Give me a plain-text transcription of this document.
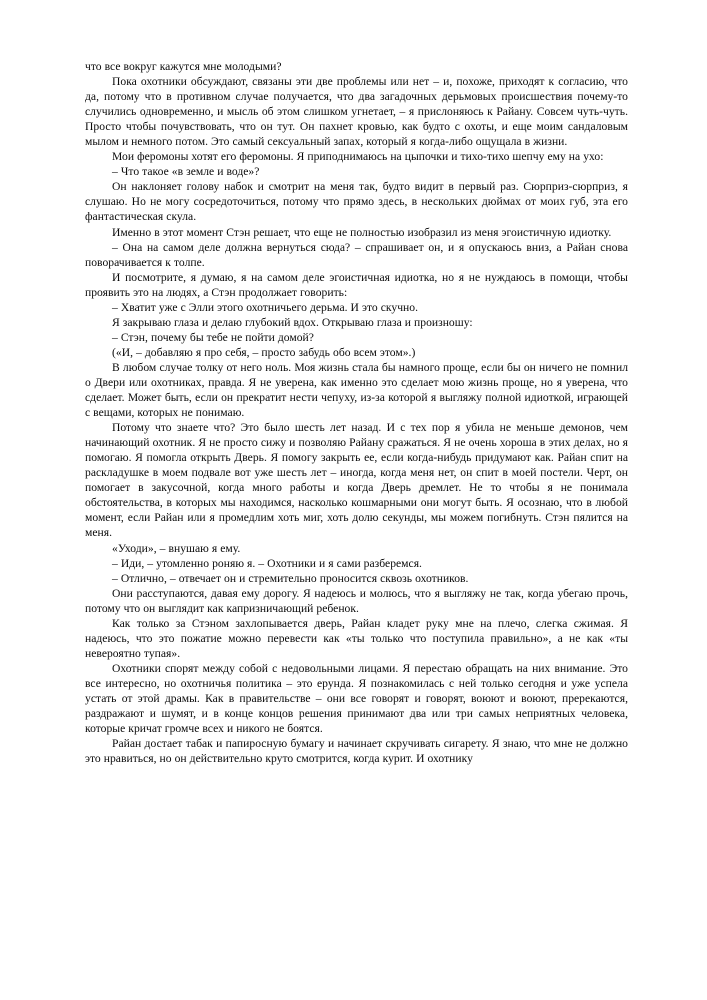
что все вокруг кажутся мне молодыми?

Пока охотники обсуждают, связаны эти две проблемы или нет – и, похоже, приходят к согласию, что да, потому что в противном случае получается, что два загадочных дерьмовых происшествия почему-то случились одновременно, и мысль об этом слишком угнетает, – я прислоняюсь к Райану. Совсем чуть-чуть. Просто чтобы почувствовать, что он тут. Он пахнет кровью, как будто с охоты, и еще моим сандаловым мылом и немного потом. Это самый сексуальный запах, который я когда-либо ощущала в жизни.

Мои феромоны хотят его феромоны. Я приподнимаюсь на цыпочки и тихо-тихо шепчу ему на ухо:

– Что такое «в земле и воде»?

Он наклоняет голову набок и смотрит на меня так, будто видит в первый раз. Сюрприз-сюрприз, я слушаю. Но не могу сосредоточиться, потому что прямо здесь, в нескольких дюймах от моих губ, эта его фантастическая скула.

Именно в этот момент Стэн решает, что еще не полностью изобразил из меня эгоистичную идиотку.

– Она на самом деле должна вернуться сюда? – спрашивает он, и я опускаюсь вниз, а Райан снова поворачивается к толпе.

И посмотрите, я думаю, я на самом деле эгоистичная идиотка, но я не нуждаюсь в помощи, чтобы проявить это на людях, а Стэн продолжает говорить:

– Хватит уже с Элли этого охотничьего дерьма. И это скучно.

Я закрываю глаза и делаю глубокий вдох. Открываю глаза и произношу:

– Стэн, почему бы тебе не пойти домой?

(«И, – добавляю я про себя, – просто забудь обо всем этом».)

В любом случае толку от него ноль. Моя жизнь стала бы намного проще, если бы он ничего не помнил о Двери или охотниках, правда. Я не уверена, как именно это сделает мою жизнь проще, но я уверена, что сделает. Может быть, если он прекратит нести чепуху, из-за которой я выгляжу полной идиоткой, играющей с вещами, которых не понимаю.

Потому что знаете что? Это было шесть лет назад. И с тех пор я убила не меньше демонов, чем начинающий охотник. Я не просто сижу и позволяю Райану сражаться. Я не очень хороша в этих делах, но я помогаю. Я помогла открыть Дверь. Я помогу закрыть ее, если когда-нибудь придумают как. Райан спит на раскладушке в моем подвале вот уже шесть лет – иногда, когда меня нет, он спит в моей постели. Черт, он помогает в закусочной, когда много работы и когда Дверь дремлет. Не то чтобы я не понимала обстоятельства, в которых мы находимся, насколько кошмарными они могут быть. Я осознаю, что в любой момент, если Райан или я промедлим хоть миг, хоть долю секунды, мы можем погибнуть. Стэн пялится на меня.

«Уходи», – внушаю я ему.

– Иди, – утомленно роняю я. – Охотники и я сами разберемся.

– Отлично, – отвечает он и стремительно проносится сквозь охотников.

Они расступаются, давая ему дорогу. Я надеюсь и молюсь, что я выгляжу не так, когда убегаю прочь, потому что он выглядит как капризничающий ребенок.

Как только за Стэном захлопывается дверь, Райан кладет руку мне на плечо, слегка сжимая. Я надеюсь, что это пожатие можно перевести как «ты только что поступила правильно», а не как «ты невероятно тупая».

Охотники спорят между собой с недовольными лицами. Я перестаю обращать на них внимание. Это все интересно, но охотничья политика – это ерунда. Я познакомилась с ней только сегодня и уже успела устать от этой драмы. Как в правительстве – они все говорят и говорят, воюют и воюют, пререкаются, раздражают и шумят, и в конце концов решения принимают два или три самых неприятных человека, которые кричат громче всех и никого не боятся.

Райан достает табак и папиросную бумагу и начинает скручивать сигарету. Я знаю, что мне не должно это нравиться, но он действительно круто смотрится, когда курит. И охотнику
